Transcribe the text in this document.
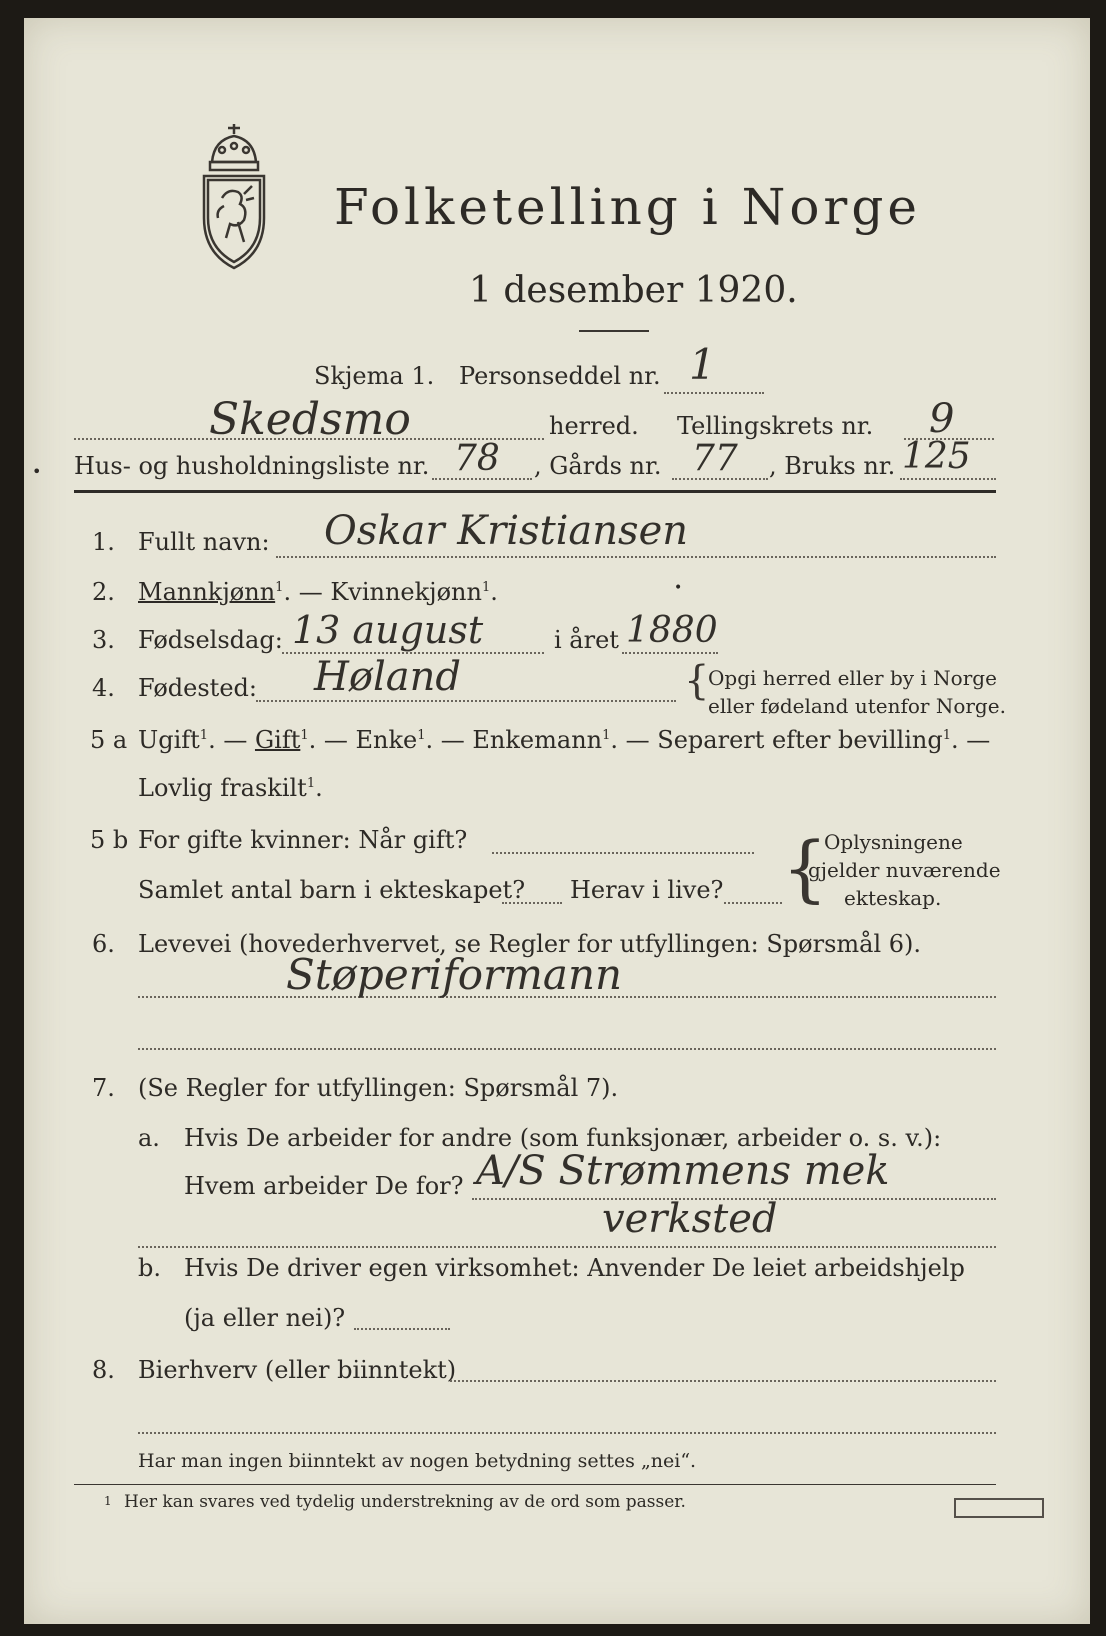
Folketelling i Norge
1 desember 1920.
Skjema 1. Personseddel nr. 1
Skedsmo	herred. Tellingskrets nr. 9
• Hus- og husholdningsliste nr. 78 , Gårds nr. 77 , Bruks nr. 125
1. Fullt navn: Oskar Kristiansen
2. Mannkjønn$^1$. — Kvinnekjønn$^1$.	•
3. Fødselsdag: 13 august	i året 1880
4. Fødested: Høland	{
Opgi herred eller by i Norge
eller fødeland utenfor Norge.
5 a Ugift$^1$. — Gift$^1$. — Enke$^1$. — Enkemann$^1$. — Separert efter bevilling$^1$. —
Lovlig fraskilt$^1$.
5 b For gifte kvinner: Når gift?
Samlet antal barn i ekteskapet? Herav i live? {
Oplysningene
gjelder nuværende
ekteskap.
6. Levevei (hovederhvervet, se Regler for utfyllingen: Spørsmål 6).
Støperiformann
7. (Se Regler for utfyllingen: Spørsmål 7).
a. Hvis De arbeider for andre (som funksjonær, arbeider o. s. v.):
Hvem arbeider De for? A/S Strømmens mek
verksted
b. Hvis De driver egen virksomhet: Anvender De leiet arbeidshjelp
(ja eller nei)?
8. Bierhverv (eller biinntekt)
Har man ingen biinntekt av nogen betydning settes „nei“.
1 Her kan svares ved tydelig understrekning av de ord som passer.
